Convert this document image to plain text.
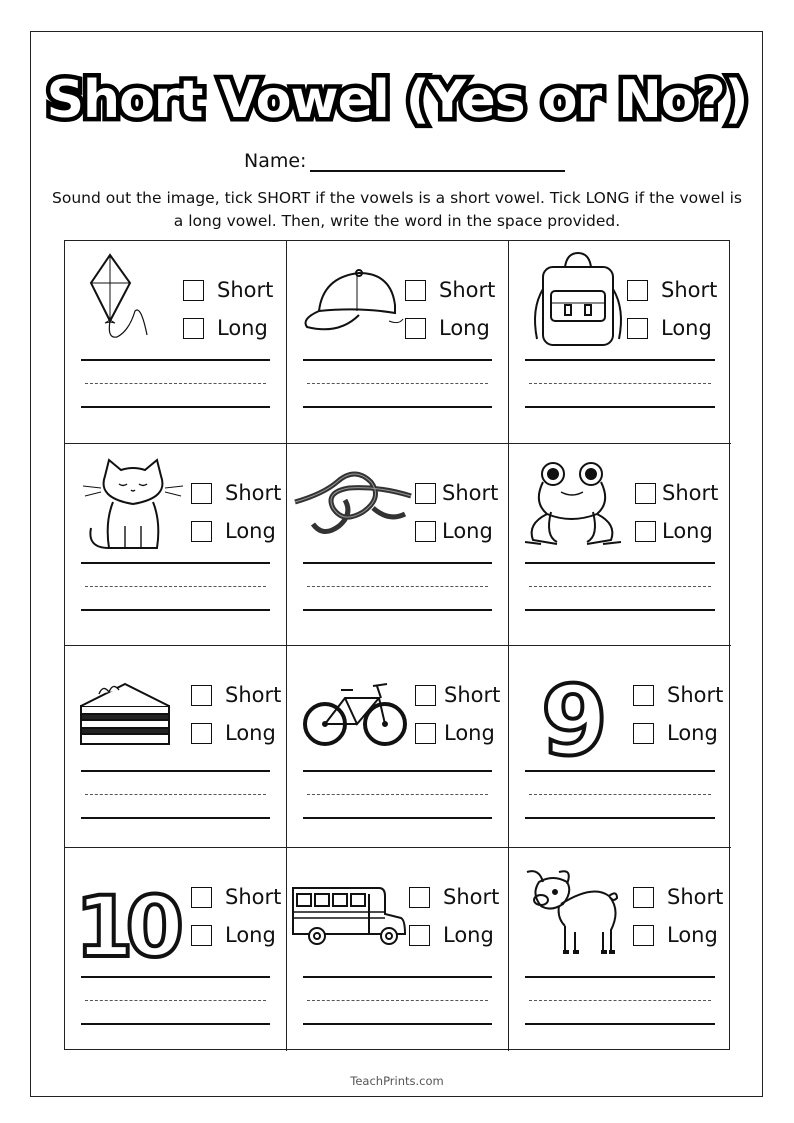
Short Vowel (Yes or No?)
Name:
Sound out the image, tick SHORT if the vowels is a short vowel. Tick LONG if the vowel is a long vowel. Then, write the word in the space provided.
Short
Long
Short
Long
Short
Long
Short
Long
Short
Long
Short
Long
Short
Long
Short
Long 9	Short
Long
10 Short
Long
Short
Long
Short
Long
TeachPrints.com
